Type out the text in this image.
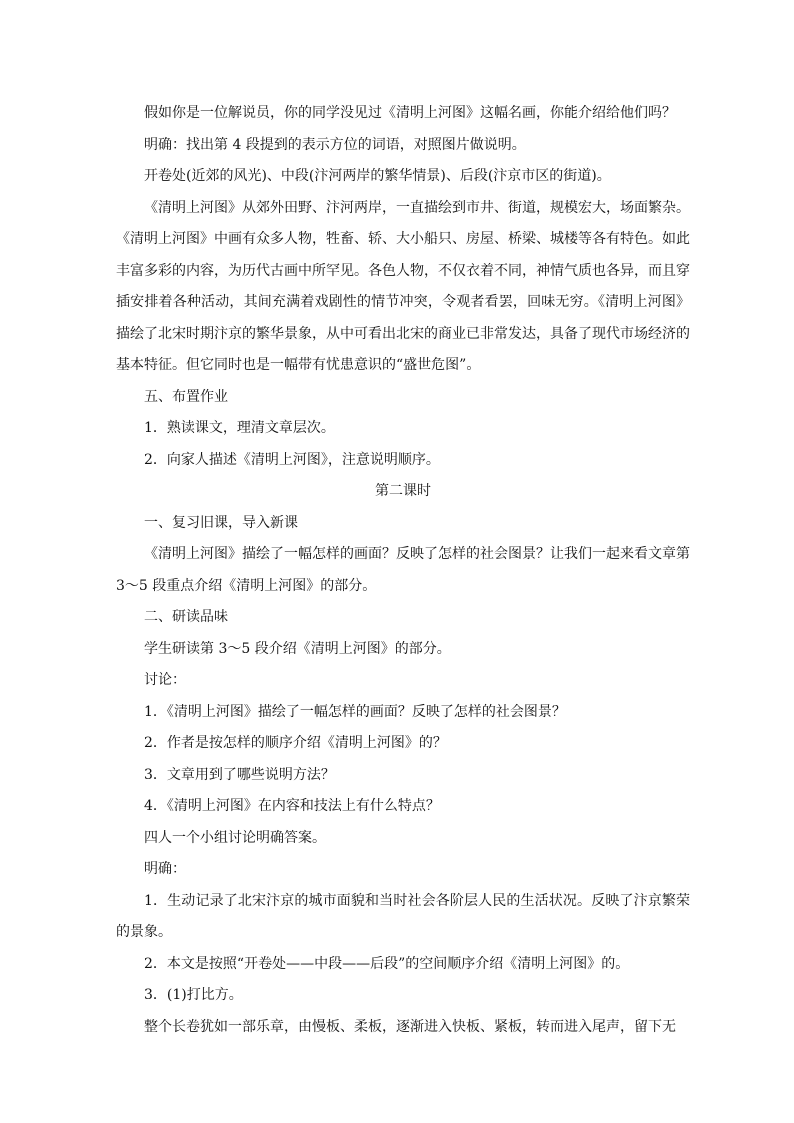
假如你是一位解说员，你的同学没见过《清明上河图》这幅名画，你能介绍给他们吗？

明确：找出第 4 段提到的表示方位的词语，对照图片做说明。

开卷处(近郊的风光)、中段(汴河两岸的繁华情景)、后段(汴京市区的街道)。

《清明上河图》从郊外田野、汴河两岸，一直描绘到市井、街道，规模宏大，场面繁杂。《清明上河图》中画有众多人物，牲畜、轿、大小船只、房屋、桥梁、城楼等各有特色。如此丰富多彩的内容，为历代古画中所罕见。各色人物，不仅衣着不同，神情气质也各异，而且穿插安排着各种活动，其间充满着戏剧性的情节冲突，令观者看罢，回味无穷。《清明上河图》描绘了北宋时期汴京的繁华景象，从中可看出北宋的商业已非常发达，具备了现代市场经济的基本特征。但它同时也是一幅带有忧患意识的“盛世危图”。

五、布置作业

1．熟读课文，理清文章层次。

2．向家人描述《清明上河图》，注意说明顺序。

第二课时

一、复习旧课，导入新课

《清明上河图》描绘了一幅怎样的画面？反映了怎样的社会图景？让我们一起来看文章第 3～5 段重点介绍《清明上河图》的部分。

二、研读品味

学生研读第 3～5 段介绍《清明上河图》的部分。

讨论：

1．《清明上河图》描绘了一幅怎样的画面？反映了怎样的社会图景？

2．作者是按怎样的顺序介绍《清明上河图》的？

3．文章用到了哪些说明方法？

4．《清明上河图》在内容和技法上有什么特点？

四人一个小组讨论明确答案。

明确：

1．生动记录了北宋汴京的城市面貌和当时社会各阶层人民的生活状况。反映了汴京繁荣的景象。

2．本文是按照“开卷处——中段——后段”的空间顺序介绍《清明上河图》的。

3．(1)打比方。

整个长卷犹如一部乐章，由慢板、柔板，逐渐进入快板、紧板，转而进入尾声，留下无
